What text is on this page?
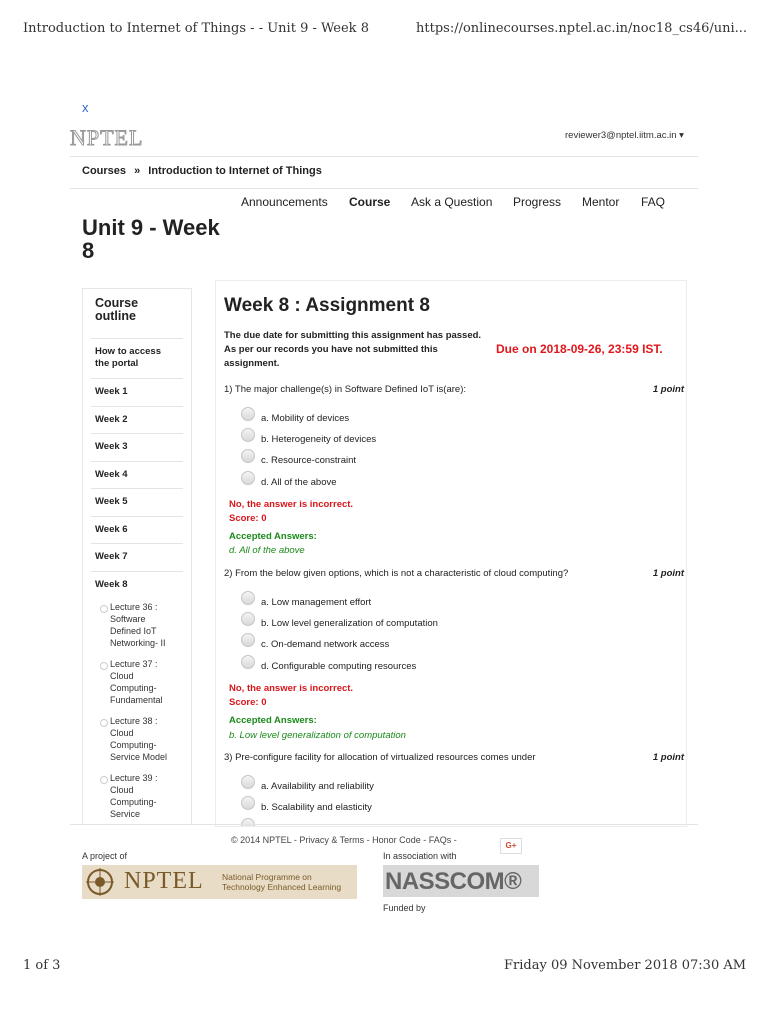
Introduction to Internet of Things - - Unit 9 - Week 8	https://onlinecourses.nptel.ac.in/noc18_cs46/uni...
x
NPTEL	reviewer3@nptel.iitm.ac.in ▾
Courses » Introduction to Internet of Things
Announcements Course Ask a Question Progress Mentor FAQ
Unit 9 - Week
8
Course
outline
How to access
the portal
Week 1
Week 2
Week 3
Week 4
Week 5
Week 6
Week 7
Week 8
Lecture 36 :
Software
Defined IoT
Networking- II
Lecture 37 :
Cloud
Computing-
Fundamental
Lecture 38 :
Cloud
Computing-
Service Model
Lecture 39 :
Cloud
Computing-
Service
Week 8 : Assignment 8
The due date for submitting this assignment has passed.
As per our records you have not submitted this
assignment.
Due on 2018-09-26, 23:59 IST.
1) The major challenge(s) in Software Defined IoT is(are):	1 point
a. Mobility of devices
b. Heterogeneity of devices
c. Resource-constraint
d. All of the above
No, the answer is incorrect.
Score: 0
Accepted Answers:
d. All of the above
2) From the below given options, which is not a characteristic of cloud computing?	1 point
a. Low management effort
b. Low level generalization of computation
c. On-demand network access
d. Configurable computing resources
No, the answer is incorrect.
Score: 0
Accepted Answers:
b. Low level generalization of computation
3) Pre-configure facility for allocation of virtualized resources comes under	1 point
a. Availability and reliability
b. Scalability and elasticity
© 2014 NPTEL - Privacy & Terms - Honor Code - FAQs -
G+
A project of	In association with
NPTEL National Programme on
Technology Enhanced Learning NASSCOM®
Funded by
1 of 3	Friday 09 November 2018 07:30 AM
